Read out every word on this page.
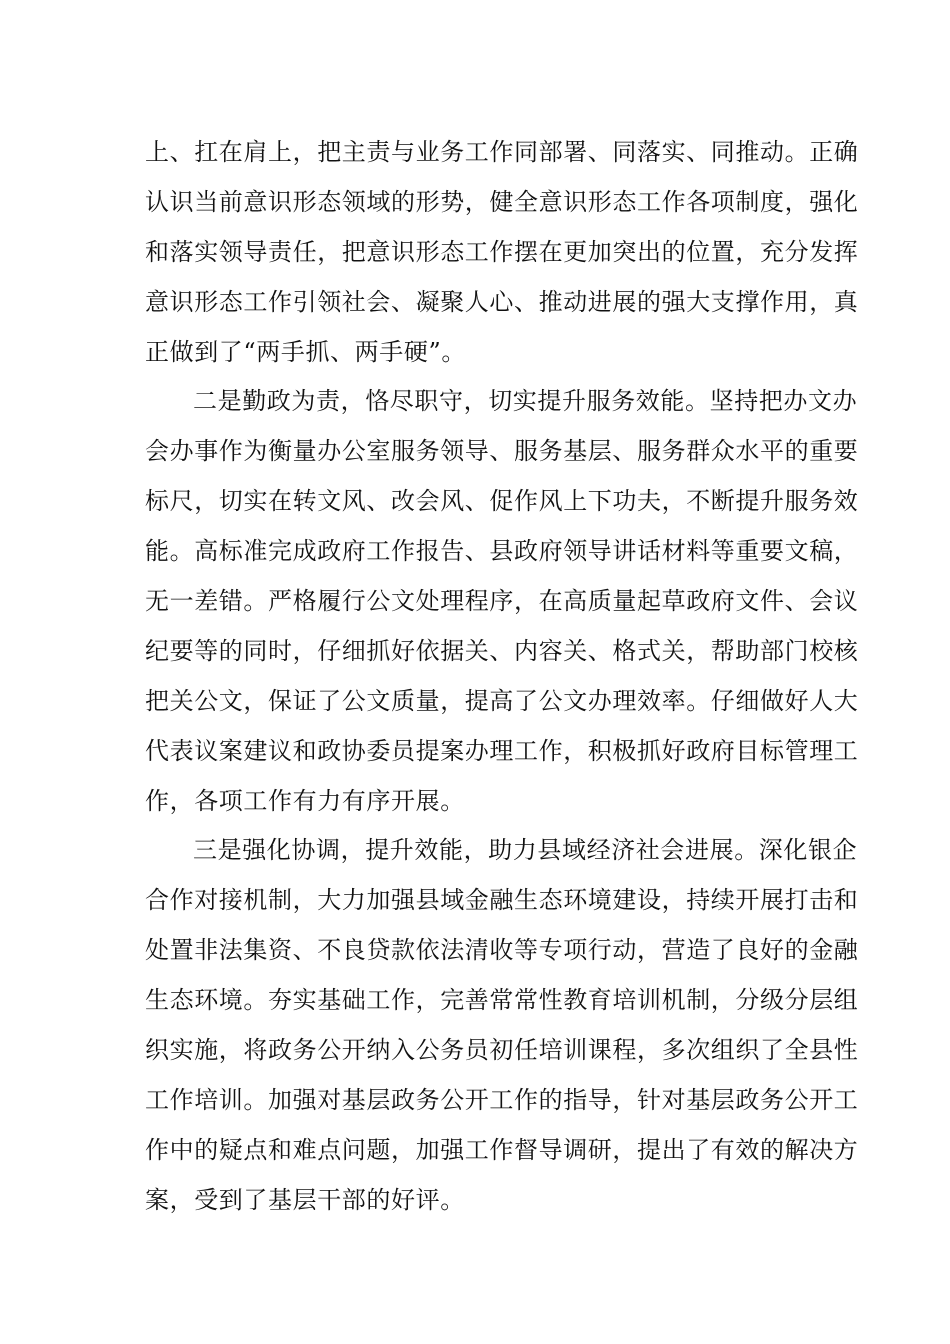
上、扛在肩上，把主责与业务工作同部署、同落实、同推动。正确
认识当前意识形态领域的形势，健全意识形态工作各项制度，强化
和落实领导责任，把意识形态工作摆在更加突出的位置，充分发挥
意识形态工作引领社会、凝聚人心、推动进展的强大支撑作用，真
正做到了“两手抓、两手硬”。
二是勤政为责，恪尽职守，切实提升服务效能。坚持把办文办
会办事作为衡量办公室服务领导、服务基层、服务群众水平的重要
标尺，切实在转文风、改会风、促作风上下功夫，不断提升服务效
能。高标准完成政府工作报告、县政府领导讲话材料等重要文稿，
无一差错。严格履行公文处理程序，在高质量起草政府文件、会议
纪要等的同时，仔细抓好依据关、内容关、格式关，帮助部门校核
把关公文，保证了公文质量，提高了公文办理效率。仔细做好人大
代表议案建议和政协委员提案办理工作，积极抓好政府目标管理工
作，各项工作有力有序开展。
三是强化协调，提升效能，助力县域经济社会进展。深化银企
合作对接机制，大力加强县域金融生态环境建设，持续开展打击和
处置非法集资、不良贷款依法清收等专项行动，营造了良好的金融
生态环境。夯实基础工作，完善常常性教育培训机制，分级分层组
织实施，将政务公开纳入公务员初任培训课程，多次组织了全县性
工作培训。加强对基层政务公开工作的指导，针对基层政务公开工
作中的疑点和难点问题，加强工作督导调研，提出了有效的解决方
案，受到了基层干部的好评。
